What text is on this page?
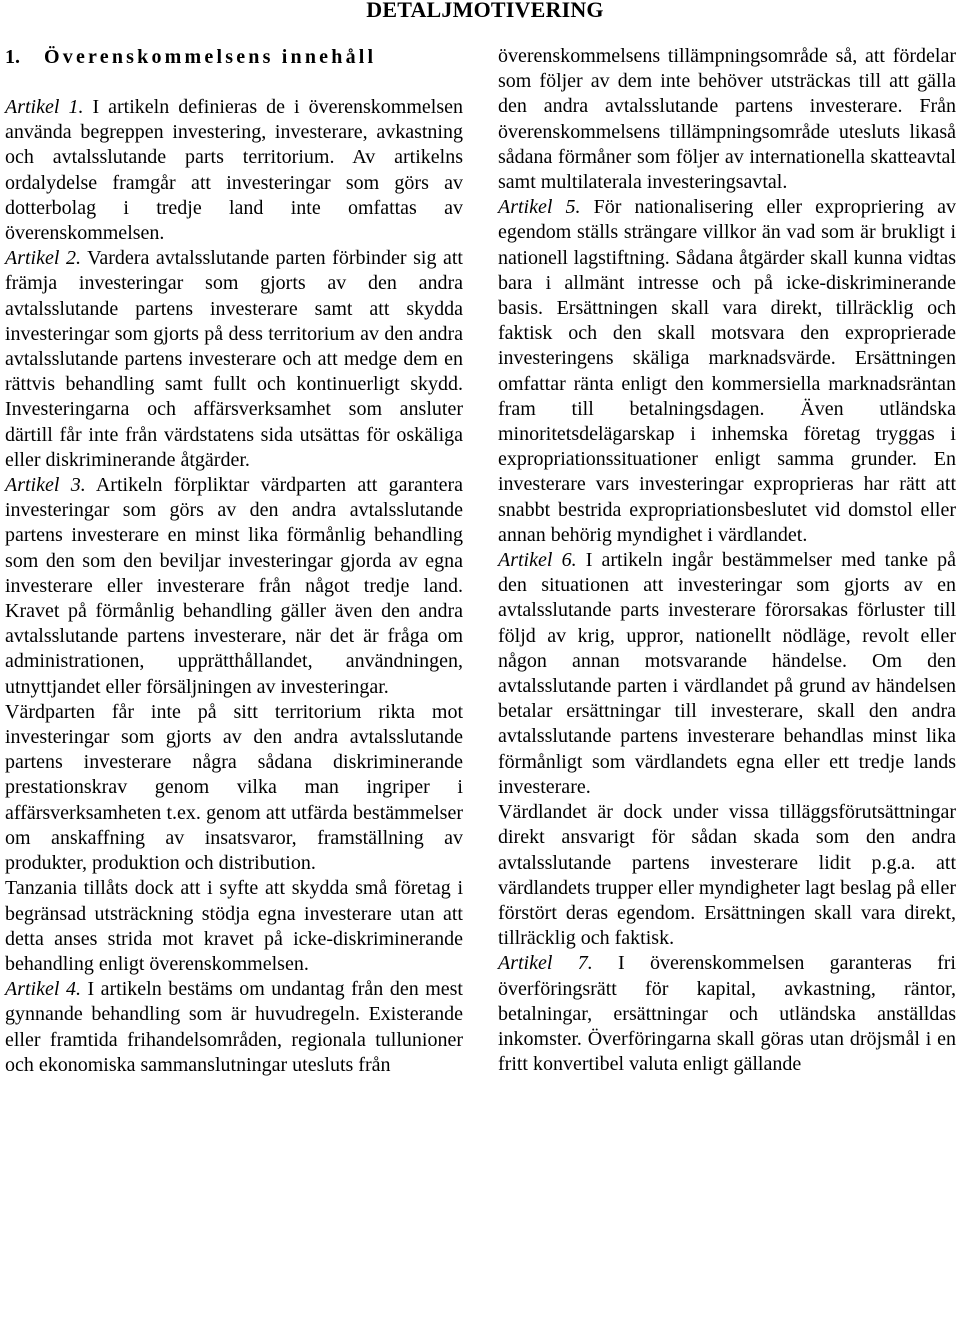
DETALJMOTIVERING
1. Överenskommelsens innehåll

Artikel 1. I artikeln definieras de i överenskommelsen använda begreppen investering, investerare, avkastning och avtalsslutande parts territorium. Av artikelns ordalydelse framgår att investeringar som görs av dotterbolag i tredje land inte omfattas av överenskommelsen.

Artikel 2. Vardera avtalsslutande parten förbinder sig att främja investeringar som gjorts av den andra avtalsslutande partens investerare samt att skydda investeringar som gjorts på dess territorium av den andra avtalsslutande partens investerare och att medge dem en rättvis behandling samt fullt och kontinuerligt skydd. Investeringarna och affärsverksamhet som ansluter därtill får inte från värdstatens sida utsättas för oskäliga eller diskriminerande åtgärder.

Artikel 3. Artikeln förpliktar värdparten att garantera investeringar som görs av den andra avtalsslutande partens investerare en minst lika förmånlig behandling som den som den beviljar investeringar gjorda av egna investerare eller investerare från något tredje land. Kravet på förmånlig behandling gäller även den andra avtalsslutande partens investerare, när det är fråga om administrationen, upprätthållandet, användningen, utnyttjandet eller försäljningen av investeringar.

Värdparten får inte på sitt territorium rikta mot investeringar som gjorts av den andra avtalsslutande partens investerare några sådana diskriminerande prestationskrav genom vilka man ingriper i affärsverksamheten t.ex. genom att utfärda bestämmelser om anskaffning av insatsvaror, framställning av produkter, produktion och distribution.

Tanzania tillåts dock att i syfte att skydda små företag i begränsad utsträckning stödja egna investerare utan att detta anses strida mot kravet på icke-diskriminerande behandling enligt överenskommelsen.

Artikel 4. I artikeln bestäms om undantag från den mest gynnande behandling som är huvudregeln. Existerande eller framtida frihandelsområden, regionala tullunioner och ekonomiska sammanslutningar utesluts från

överenskommelsens tillämpningsområde så, att fördelar som följer av dem inte behöver utsträckas till att gälla den andra avtalsslutande partens investerare. Från överenskommelsens tillämpningsområde utesluts likaså sådana förmåner som följer av internationella skatteavtal samt multilaterala investeringsavtal.

Artikel 5. För nationalisering eller expropriering av egendom ställs strängare villkor än vad som är brukligt i nationell lagstiftning. Sådana åtgärder skall kunna vidtas bara i allmänt intresse och på icke-diskriminerande basis. Ersättningen skall vara direkt, tillräcklig och faktisk och den skall motsvara den exproprierade investeringens skäliga marknadsvärde. Ersättningen omfattar ränta enligt den kommersiella marknadsräntan fram till betalningsdagen. Även utländska minoritetsdelägarskap i inhemska företag tryggas i expropriationssituationer enligt samma grunder. En investerare vars investeringar exproprieras har rätt att snabbt bestrida expropriationsbeslutet vid domstol eller annan behörig myndighet i värdlandet.

Artikel 6. I artikeln ingår bestämmelser med tanke på den situationen att investeringar som gjorts av en avtalsslutande parts investerare förorsakas förluster till följd av krig, uppror, nationellt nödläge, revolt eller någon annan motsvarande händelse. Om den avtalsslutande parten i värdlandet på grund av händelsen betalar ersättningar till investerare, skall den andra avtalsslutande partens investerare behandlas minst lika förmånligt som värdlandets egna eller ett tredje lands investerare.

Värdlandet är dock under vissa tilläggsförutsättningar direkt ansvarigt för sådan skada som den andra avtalsslutande partens investerare lidit p.g.a. att värdlandets trupper eller myndigheter lagt beslag på eller förstört deras egendom. Ersättningen skall vara direkt, tillräcklig och faktisk.

Artikel 7. I överenskommelsen garanteras fri överföringsrätt för kapital, avkastning, räntor, betalningar, ersättningar och utländska anställdas inkomster. Överföringarna skall göras utan dröjsmål i en fritt konvertibel valuta enligt gällande
